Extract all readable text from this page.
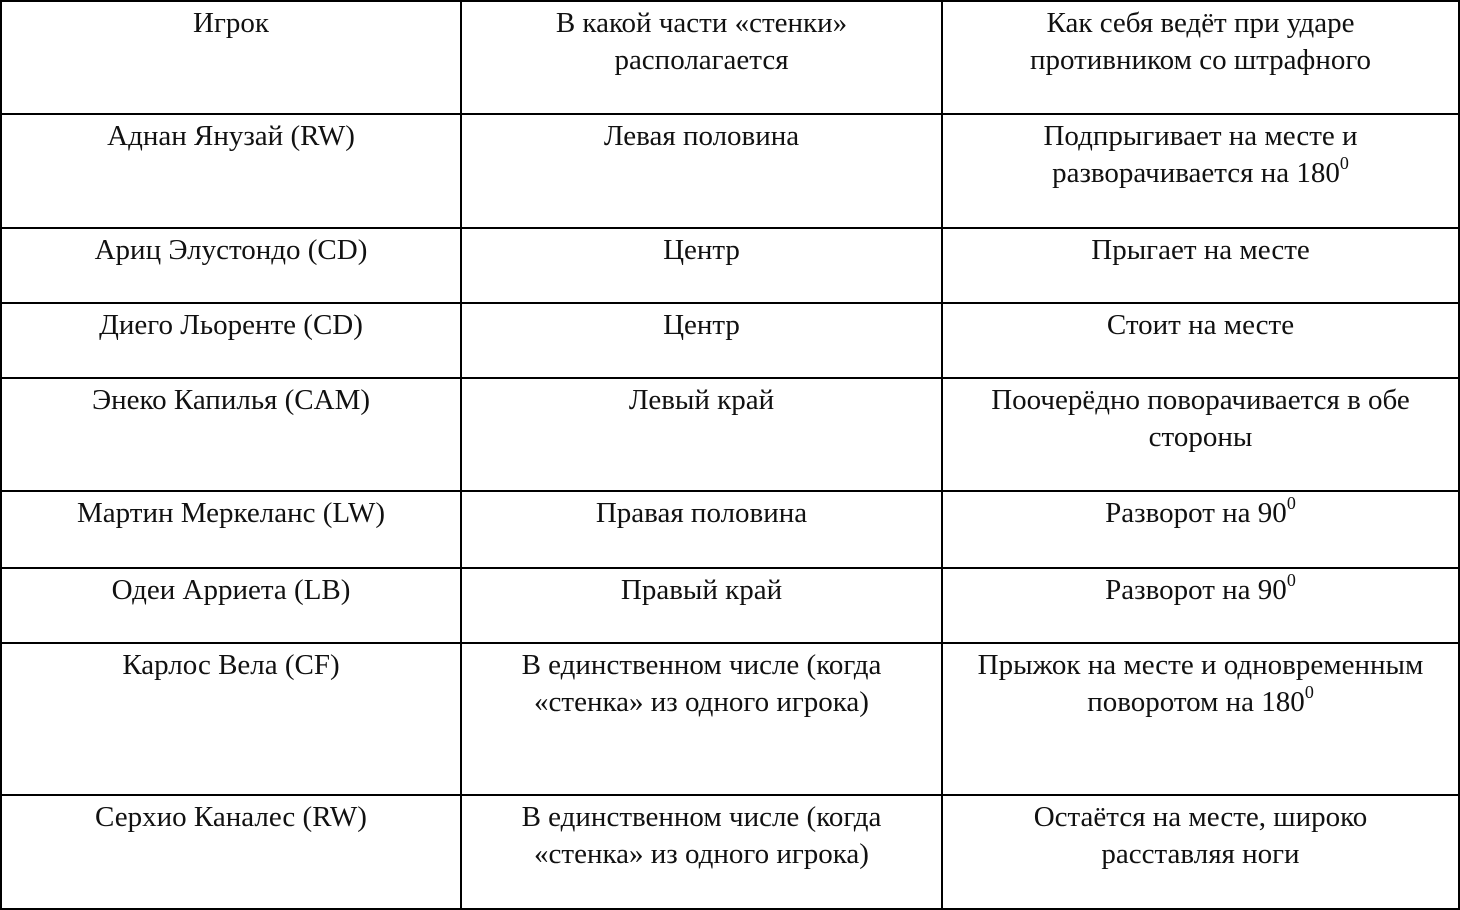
Игрок	В какой части «стенки» располагается	Как себя ведёт при ударе противником со штрафного
Аднан Янузай (RW)	Левая половина	Подпрыгивает на месте и разворачивается на $180^0$
Ариц Элустондо (CD)	Центр	Прыгает на месте
Диего Льоренте (CD)	Центр	Стоит на месте
Энеко Капилья (CAM)	Левый край	Поочерёдно поворачивается в обе стороны
Мартин Меркеланс (LW)	Правая половина	Разворот на $90^0$
Одеи Арриета (LB)	Правый край	Разворот на $90^0$
Карлос Вела (CF)	В единственном числе (когда «стенка» из одного игрока)	Прыжок на месте и одновременным поворотом на $180^0$
Серхио Каналес (RW)	В единственном числе (когда «стенка» из одного игрока)	Остаётся на месте, широко расставляя ноги
